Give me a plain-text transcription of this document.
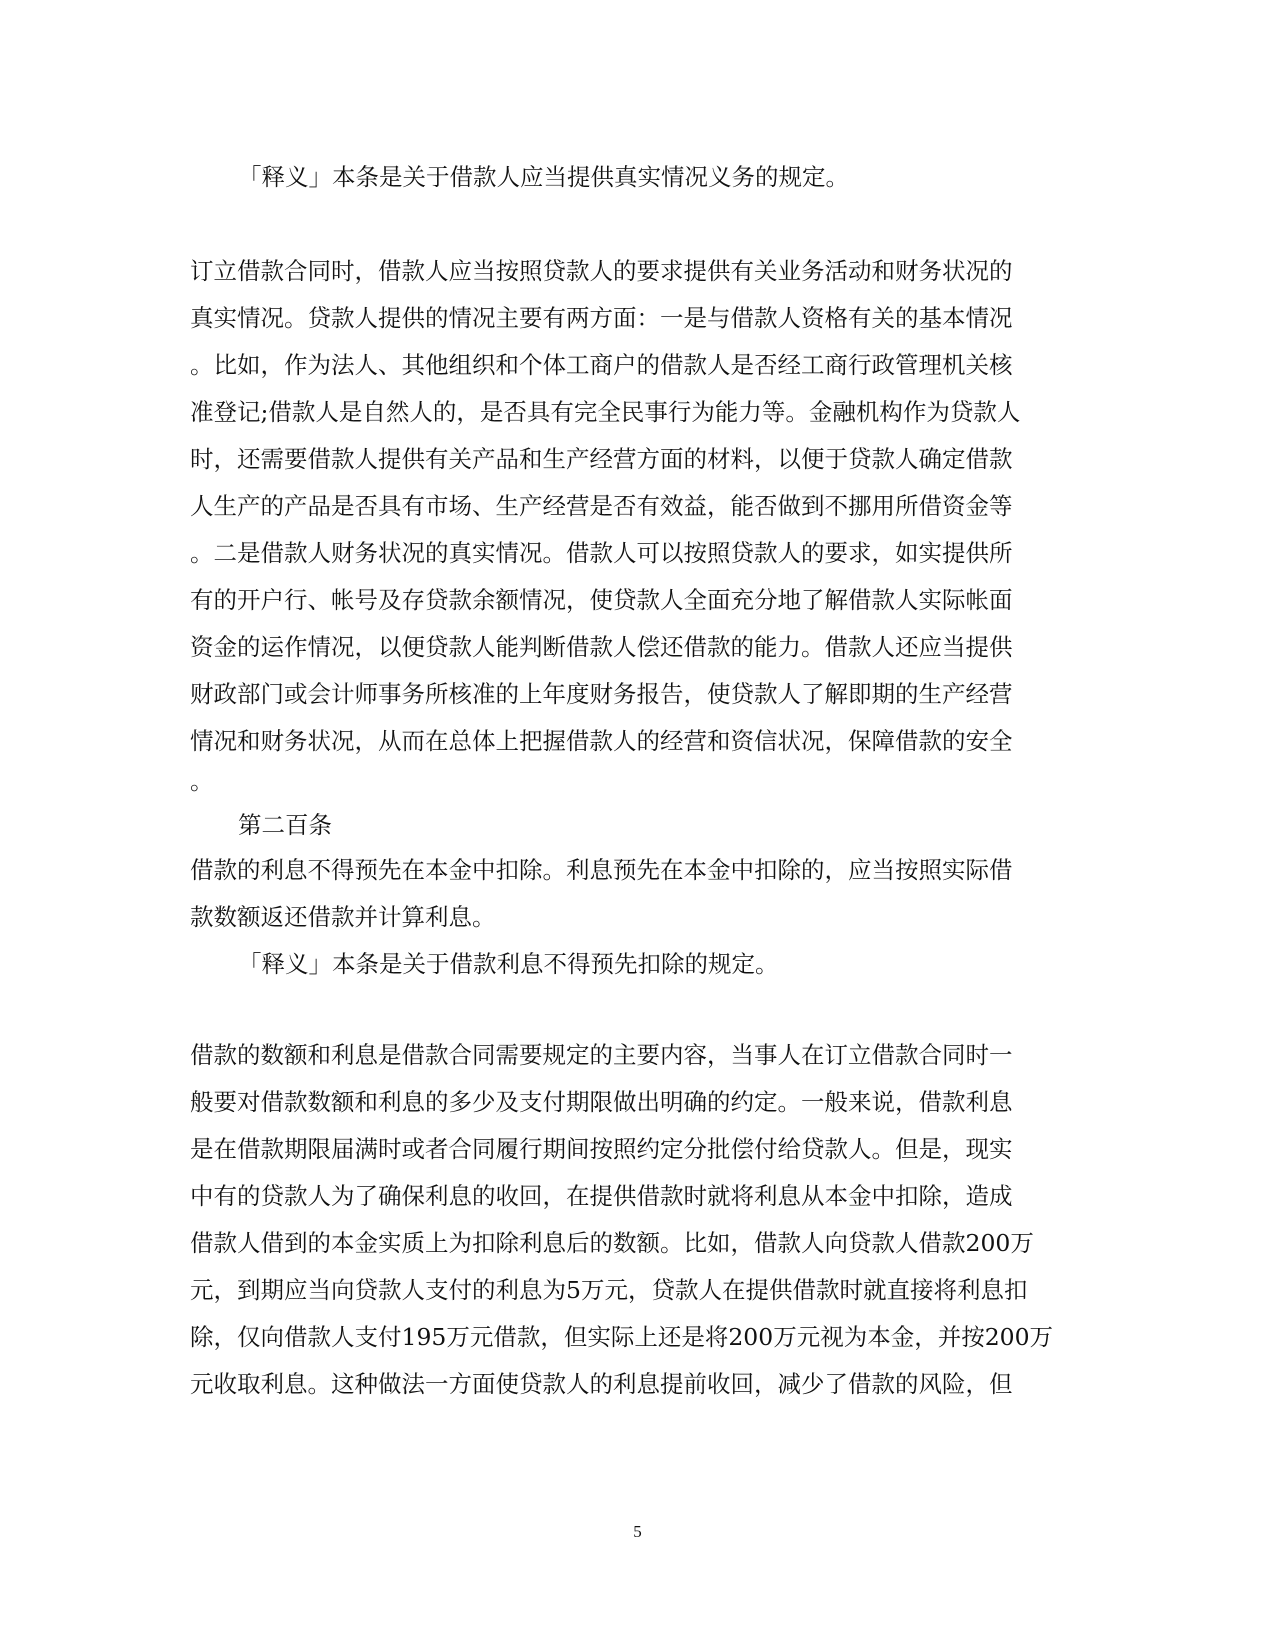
「释义」本条是关于借款人应当提供真实情况义务的规定。
订立借款合同时，借款人应当按照贷款人的要求提供有关业务活动和财务状况的
真实情况。贷款人提供的情况主要有两方面：一是与借款人资格有关的基本情况
。比如，作为法人、其他组织和个体工商户的借款人是否经工商行政管理机关核
准登记;借款人是自然人的，是否具有完全民事行为能力等。金融机构作为贷款人
时，还需要借款人提供有关产品和生产经营方面的材料，以便于贷款人确定借款
人生产的产品是否具有市场、生产经营是否有效益，能否做到不挪用所借资金等
。二是借款人财务状况的真实情况。借款人可以按照贷款人的要求，如实提供所
有的开户行、帐号及存贷款余额情况，使贷款人全面充分地了解借款人实际帐面
资金的运作情况，以便贷款人能判断借款人偿还借款的能力。借款人还应当提供
财政部门或会计师事务所核准的上年度财务报告，使贷款人了解即期的生产经营
情况和财务状况，从而在总体上把握借款人的经营和资信状况，保障借款的安全
。
第二百条
借款的利息不得预先在本金中扣除。利息预先在本金中扣除的，应当按照实际借
款数额返还借款并计算利息。
「释义」本条是关于借款利息不得预先扣除的规定。
借款的数额和利息是借款合同需要规定的主要内容，当事人在订立借款合同时一
般要对借款数额和利息的多少及支付期限做出明确的约定。一般来说，借款利息
是在借款期限届满时或者合同履行期间按照约定分批偿付给贷款人。但是，现实
中有的贷款人为了确保利息的收回，在提供借款时就将利息从本金中扣除，造成
借款人借到的本金实质上为扣除利息后的数额。比如，借款人向贷款人借款200万
元，到期应当向贷款人支付的利息为5万元，贷款人在提供借款时就直接将利息扣
除，仅向借款人支付195万元借款，但实际上还是将200万元视为本金，并按200万
元收取利息。这种做法一方面使贷款人的利息提前收回，减少了借款的风险，但
5
